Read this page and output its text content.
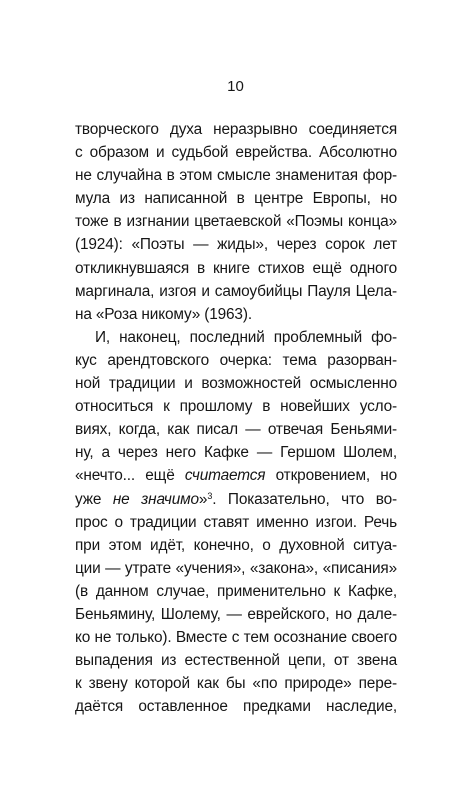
10
творческого духа неразрывно соединяется
с образом и судьбой еврейства. Абсолютно
не случайна в этом смысле знаменитая фор-
мула из написанной в центре Европы, но
тоже в изгнании цветаевской «Поэмы конца»
(1924): «Поэты — жиды», через сорок лет
откликнувшаяся в книге стихов ещё одного
маргинала, изгоя и самоубийцы Пауля Цела-
на «Роза никому» (1963).
И, наконец, последний проблемный фо-
кус арендтовского очерка: тема разорван-
ной традиции и возможностей осмысленно
относиться к прошлому в новейших усло-
виях, когда, как писал — отвечая Беньями-
ну, а через него Кафке — Гершом Шолем,
«нечто... ещё считается откровением, но
уже не значимо»$^3$. Показательно, что во-
прос о традиции ставят именно изгои. Речь
при этом идёт, конечно, о духовной ситуа-
ции — утрате «учения», «закона», «писания»
(в данном случае, применительно к Кафке,
Беньямину, Шолему, — еврейского, но дале-
ко не только). Вместе с тем осознание своего
выпадения из естественной цепи, от звена
к звену которой как бы «по природе» пере-
даётся оставленное предками наследие,
